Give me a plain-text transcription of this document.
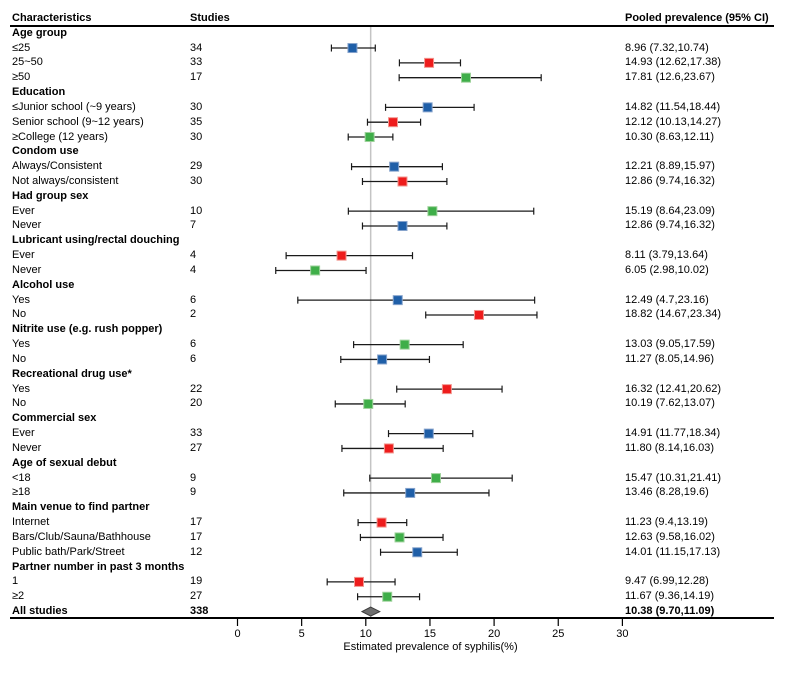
Characteristics	Studies	Pooled prevalence (95% CI)
Age group
≤25	34	8.96 (7.32,10.74)
25~50	33	14.93 (12.62,17.38)
≥50	17	17.81 (12.6,23.67)
Education
≤Junior school (~9 years)	30	14.82 (11.54,18.44)
Senior school (9~12 years)	35	12.12 (10.13,14.27)
≥College (12 years)	30	10.30 (8.63,12.11)
Condom use
Always/Consistent	29	12.21 (8.89,15.97)
Not always/consistent	30	12.86 (9.74,16.32)
Had group sex
Ever	10	15.19 (8.64,23.09)
Never	7	12.86 (9.74,16.32)
Lubricant using/rectal douching
Ever	4	8.11 (3.79,13.64)
Never	4	6.05 (2.98,10.02)
Alcohol use
Yes	6	12.49 (4.7,23.16)
No	2	18.82 (14.67,23.34)
Nitrite use (e.g. rush popper)
Yes	6	13.03 (9.05,17.59)
No	6	11.27 (8.05,14.96)
Recreational drug use*
Yes	22	16.32 (12.41,20.62)
No	20	10.19 (7.62,13.07)
Commercial sex
Ever	33	14.91 (11.77,18.34)
Never	27	11.80 (8.14,16.03)
Age of sexual debut
<18	9	15.47 (10.31,21.41)
≥18	9	13.46 (8.28,19.6)
Main venue to find partner
Internet	17	11.23 (9.4,13.19)
Bars/Club/Sauna/Bathhouse	17	12.63 (9.58,16.02)
Public bath/Park/Street	12	14.01 (11.15,17.13)
Partner number in past 3 months
1	19	9.47 (6.99,12.28)
≥2	27	11.67 (9.36,14.19)
All studies	338	10.38 (9.70,11.09)
Estimated prevalence of syphilis(%)
0	5	10	15	20	25	30
